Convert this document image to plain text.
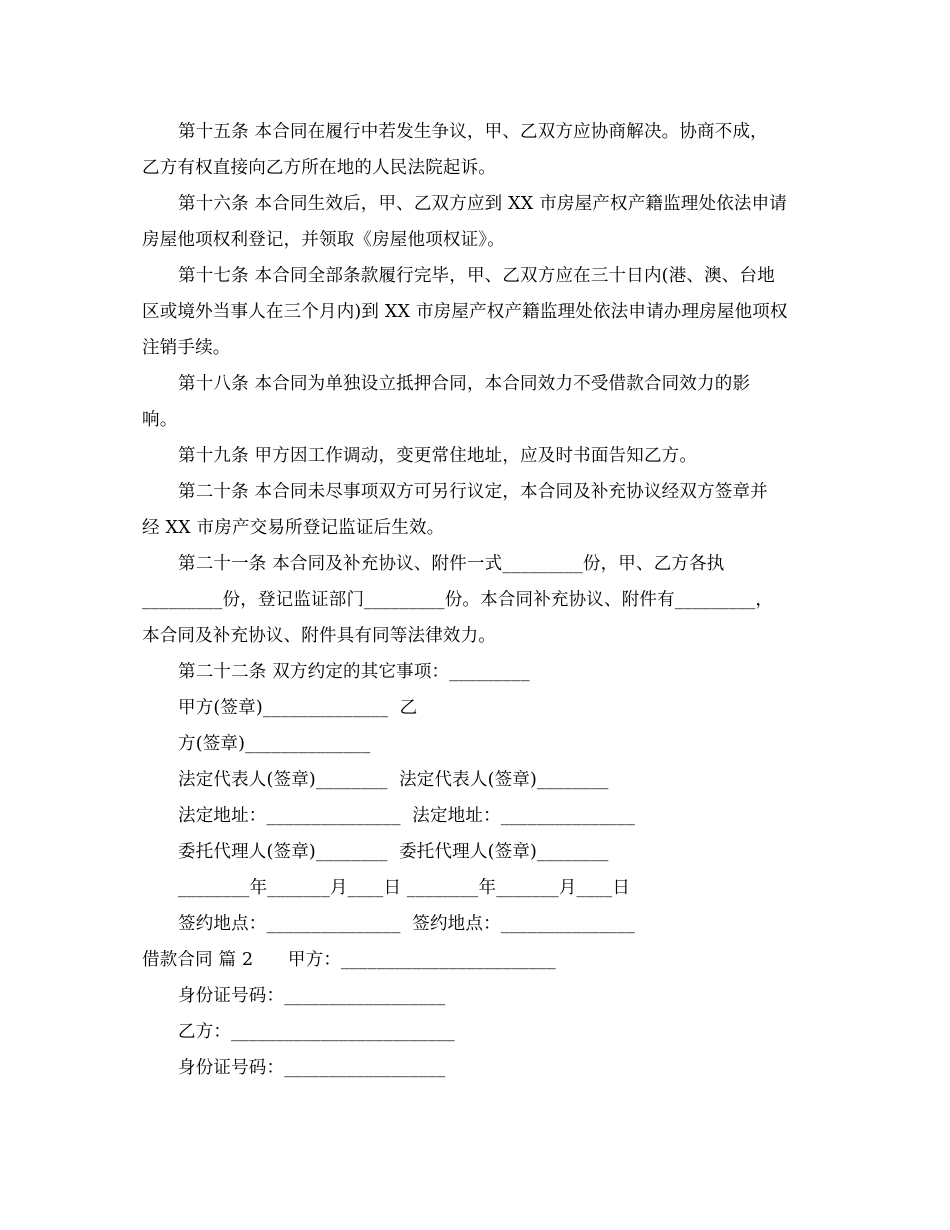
第十五条 本合同在履行中若发生争议，甲、乙双方应协商解决。协商不成，
乙方有权直接向乙方所在地的人民法院起诉。
第十六条 本合同生效后，甲、乙双方应到 XX 市房屋产权产籍监理处依法申请
房屋他项权利登记，并领取《房屋他项权证》。
第十七条 本合同全部条款履行完毕，甲、乙双方应在三十日内(港、澳、台地
区或境外当事人在三个月内)到 XX 市房屋产权产籍监理处依法申请办理房屋他项权
注销手续。
第十八条 本合同为单独设立抵押合同，本合同效力不受借款合同效力的影
响。
第十九条 甲方因工作调动，变更常住地址，应及时书面告知乙方。
第二十条 本合同未尽事项双方可另行议定，本合同及补充协议经双方签章并
经 XX 市房产交易所登记监证后生效。
第二十一条 本合同及补充协议、附件一式_________份，甲、乙方各执
_________份，登记监证部门_________份。本合同补充协议、附件有_________，
本合同及补充协议、附件具有同等法律效力。
第二十二条 双方约定的其它事项：_________
甲方(签章)______________  乙
方(签章)______________
法定代表人(签章)________  法定代表人(签章)________
法定地址：_______________  法定地址：_______________
委托代理人(签章)________  委托代理人(签章)________
________年_______月____日 ________年_______月____日
签约地点：_______________  签约地点：_______________
借款合同 篇 2      甲方：________________________
身份证号码：__________________
乙方：_________________________
身份证号码：__________________
